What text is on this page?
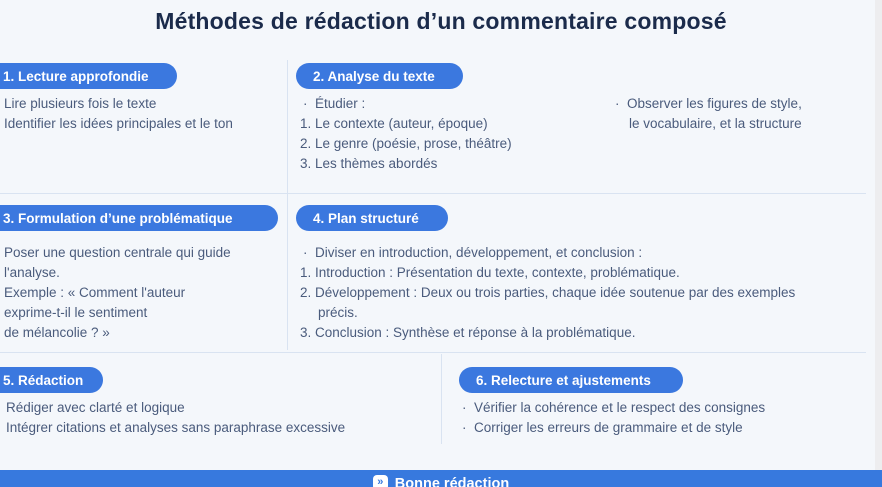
Méthodes de rédaction d’un commentaire composé
1. Lecture approfondie
Lire plusieurs fois le texte
Identifier les idées principales et le ton
2. Analyse du texte
·  Étudier :
1. Le contexte (auteur, époque)
2. Le genre (poésie, prose, théâtre)
3. Les thèmes abordés
·  Observer les figures de style,
le vocabulaire, et la structure
3. Formulation d’une problématique
Poser une question centrale qui guide
l'analyse.
Exemple : « Comment l'auteur
exprime-t-il le sentiment
de mélancolie ? »
4. Plan structuré
·  Diviser en introduction, développement, et conclusion :
1. Introduction : Présentation du texte, contexte, problématique.
2. Développement : Deux ou trois parties, chaque idée soutenue par des exemples
précis.
3. Conclusion : Synthèse et réponse à la problématique.
5. Rédaction
Rédiger avec clarté et logique
Intégrer citations et analyses sans paraphrase excessive
6. Relecture et ajustements
·  Vérifier la cohérence et le respect des consignes
·  Corriger les erreurs de grammaire et de style
» Bonne rédaction
